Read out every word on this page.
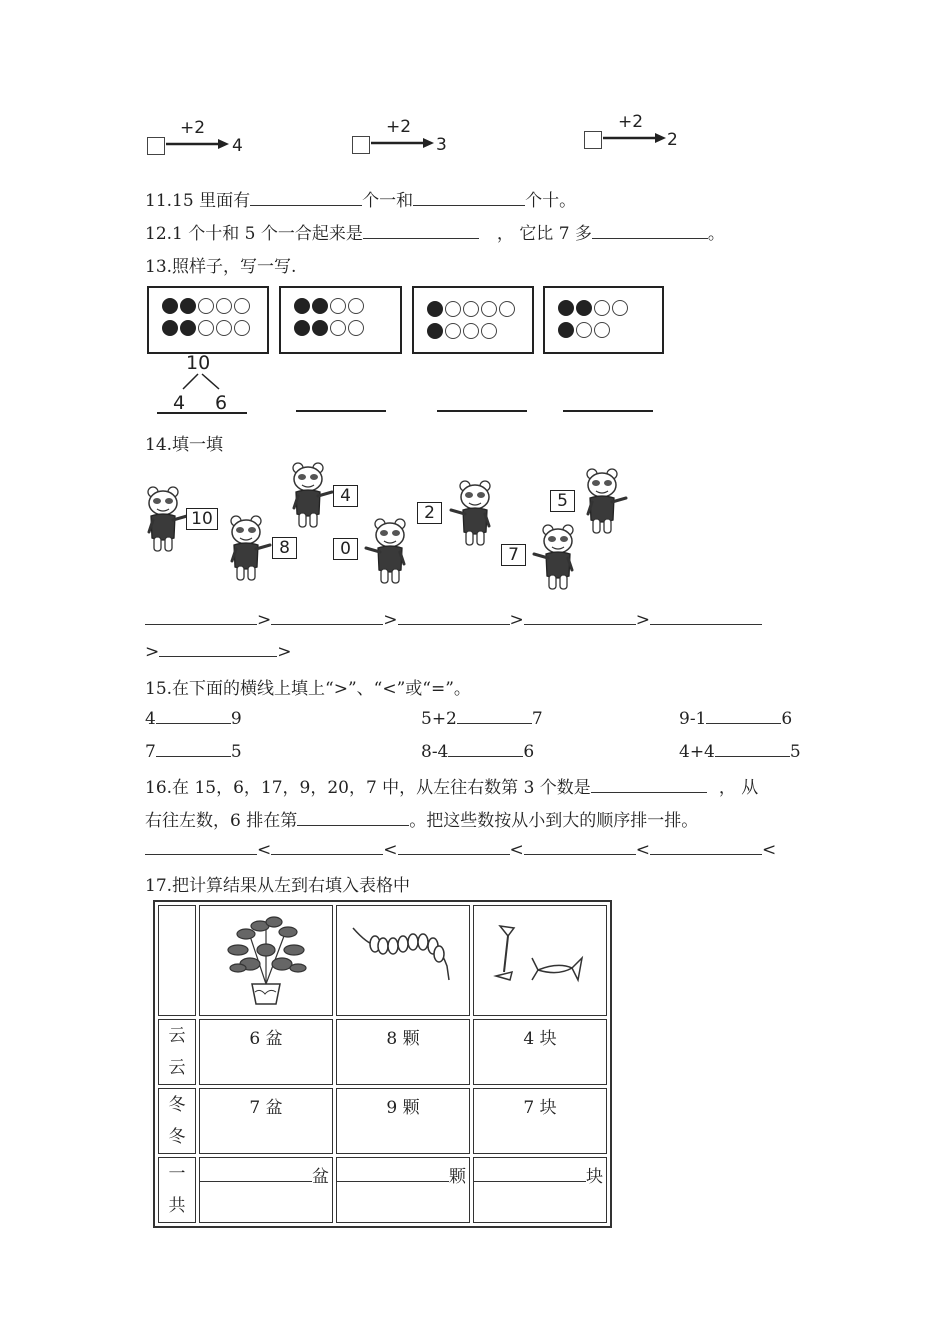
+2
4
+2
3
+2
2
11.15 里面有	个一和	个十。
12.1 个十和 5 个一合起来是	， 它比 7 多	。
13.照样子，写一写.
10
4 6
14.填一填
10
8
4
0
2
7
5
>	>	>	>
>	>
15.在下面的横线上填上“>”、“<”或“=”。
4	9	5+2	7	9-1	6
7	5	8-4	6	4+4	5
16.在 15，6，17，9，20，7 中，从左往右数第 3 个数是	， 从
右往左数，6 排在第	。把这些数按从小到大的顺序排一排。
<	<	<	<	<
17.把计算结果从左到右填入表格中

云
云	6 盆	8 颗	4 块
冬
冬	7 盆	9 颗	7 块
一
共	盆	颗	块
